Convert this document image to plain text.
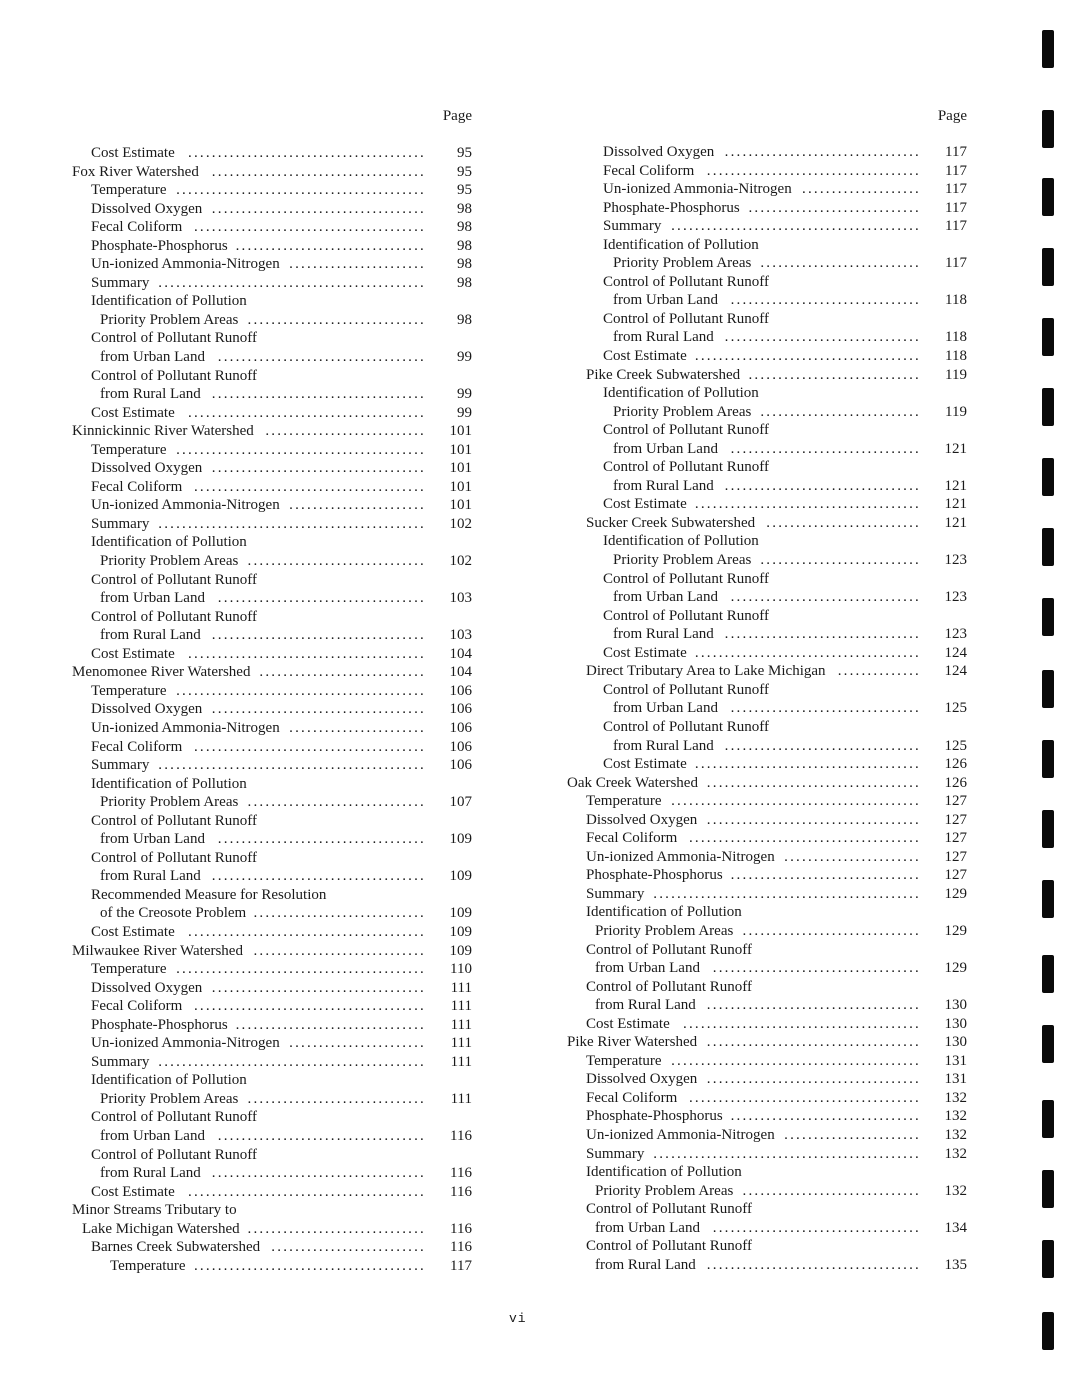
Page
Cost Estimate ........................................	95
Fox River Watershed ....................................	95
Temperature ..........................................	95
Dissolved Oxygen ....................................	98
Fecal Coliform .......................................	98
Phosphate-Phosphorus ................................	98
Un-ionized Ammonia-Nitrogen .......................	98
Summary .............................................	98
Identification of Pollution
Priority Problem Areas ..............................	98
Control of Pollutant Runoff
from Urban Land ...................................	99
Control of Pollutant Runoff
from Rural Land ....................................	99
Cost Estimate ........................................	99
Kinnickinnic River Watershed ...........................	101
Temperature ..........................................	101
Dissolved Oxygen ....................................	101
Fecal Coliform .......................................	101
Un-ionized Ammonia-Nitrogen .......................	101
Summary .............................................	102
Identification of Pollution
Priority Problem Areas ..............................	102
Control of Pollutant Runoff
from Urban Land ...................................	103
Control of Pollutant Runoff
from Rural Land ....................................	103
Cost Estimate ........................................	104
Menomonee River Watershed ............................	104
Temperature ..........................................	106
Dissolved Oxygen ....................................	106
Un-ionized Ammonia-Nitrogen .......................	106
Fecal Coliform .......................................	106
Summary .............................................	106
Identification of Pollution
Priority Problem Areas ..............................	107
Control of Pollutant Runoff
from Urban Land ...................................	109
Control of Pollutant Runoff
from Rural Land ....................................	109
Recommended Measure for Resolution
of the Creosote Problem .............................	109
Cost Estimate ........................................	109
Milwaukee River Watershed .............................	109
Temperature ..........................................	110
Dissolved Oxygen ....................................	111
Fecal Coliform .......................................	111
Phosphate-Phosphorus ................................	111
Un-ionized Ammonia-Nitrogen .......................	111
Summary .............................................	111
Identification of Pollution
Priority Problem Areas ..............................	111
Control of Pollutant Runoff
from Urban Land ...................................	116
Control of Pollutant Runoff
from Rural Land ....................................	116
Cost Estimate ........................................	116
Minor Streams Tributary to
Lake Michigan Watershed ..............................	116
Barnes Creek Subwatershed ..........................	116
Temperature .......................................	117
Page
Dissolved Oxygen .................................	117
Fecal Coliform ....................................	117
Un-ionized Ammonia-Nitrogen ....................	117
Phosphate-Phosphorus .............................	117
Summary ..........................................	117
Identification of Pollution
Priority Problem Areas ...........................	117
Control of Pollutant Runoff
from Urban Land ................................	118
Control of Pollutant Runoff
from Rural Land .................................	118
Cost Estimate ......................................	118
Pike Creek Subwatershed .............................	119
Identification of Pollution
Priority Problem Areas ...........................	119
Control of Pollutant Runoff
from Urban Land ................................	121
Control of Pollutant Runoff
from Rural Land .................................	121
Cost Estimate ......................................	121
Sucker Creek Subwatershed ..........................	121
Identification of Pollution
Priority Problem Areas ...........................	123
Control of Pollutant Runoff
from Urban Land ................................	123
Control of Pollutant Runoff
from Rural Land .................................	123
Cost Estimate ......................................	124
Direct Tributary Area to Lake Michigan ..............	124
Control of Pollutant Runoff
from Urban Land ................................	125
Control of Pollutant Runoff
from Rural Land .................................	125
Cost Estimate ......................................	126
Oak Creek Watershed ....................................	126
Temperature ..........................................	127
Dissolved Oxygen ....................................	127
Fecal Coliform .......................................	127
Un-ionized Ammonia-Nitrogen .......................	127
Phosphate-Phosphorus ................................	127
Summary .............................................	129
Identification of Pollution
Priority Problem Areas ..............................	129
Control of Pollutant Runoff
from Urban Land ...................................	129
Control of Pollutant Runoff
from Rural Land ....................................	130
Cost Estimate ........................................	130
Pike River Watershed ....................................	130
Temperature ..........................................	131
Dissolved Oxygen ....................................	131
Fecal Coliform .......................................	132
Phosphate-Phosphorus ................................	132
Un-ionized Ammonia-Nitrogen .......................	132
Summary .............................................	132
Identification of Pollution
Priority Problem Areas ..............................	132
Control of Pollutant Runoff
from Urban Land ...................................	134
Control of Pollutant Runoff
from Rural Land ....................................	135
vi
